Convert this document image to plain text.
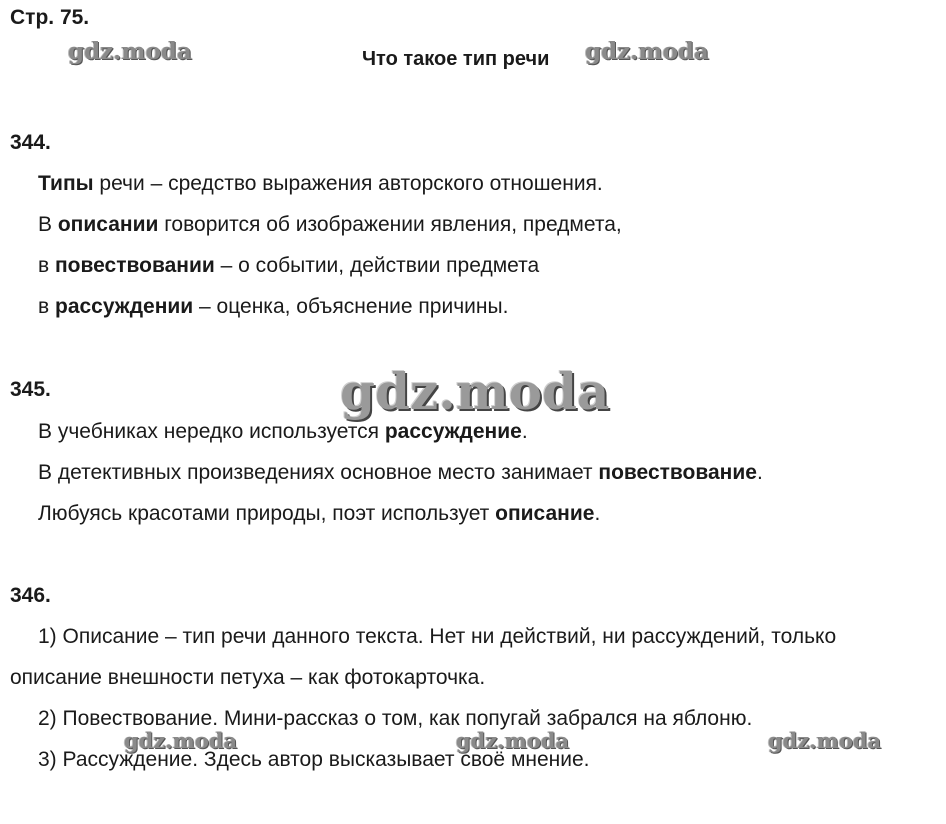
Стр. 75.
Что такое тип речи
344.
Типы речи – средство выражения авторского отношения.
В описании говорится об изображении явления, предмета,
в повествовании – о событии, действии предмета
в рассуждении – оценка, объяснение причины.
345.
В учебниках нередко используется рассуждение.
В детективных произведениях основное место занимает повествование.
Любуясь красотами природы, поэт использует описание.
346.
1) Описание – тип речи данного текста. Нет ни действий, ни рассуждений, только
описание внешности петуха – как фотокарточка.
2) Повествование. Мини-рассказ о том, как попугай забрался на яблоню.
3) Рассуждение. Здесь автор высказывает своё мнение.
gdz.moda	gdz.moda
gdz.moda
gdz.moda	gdz.moda	gdz.moda
